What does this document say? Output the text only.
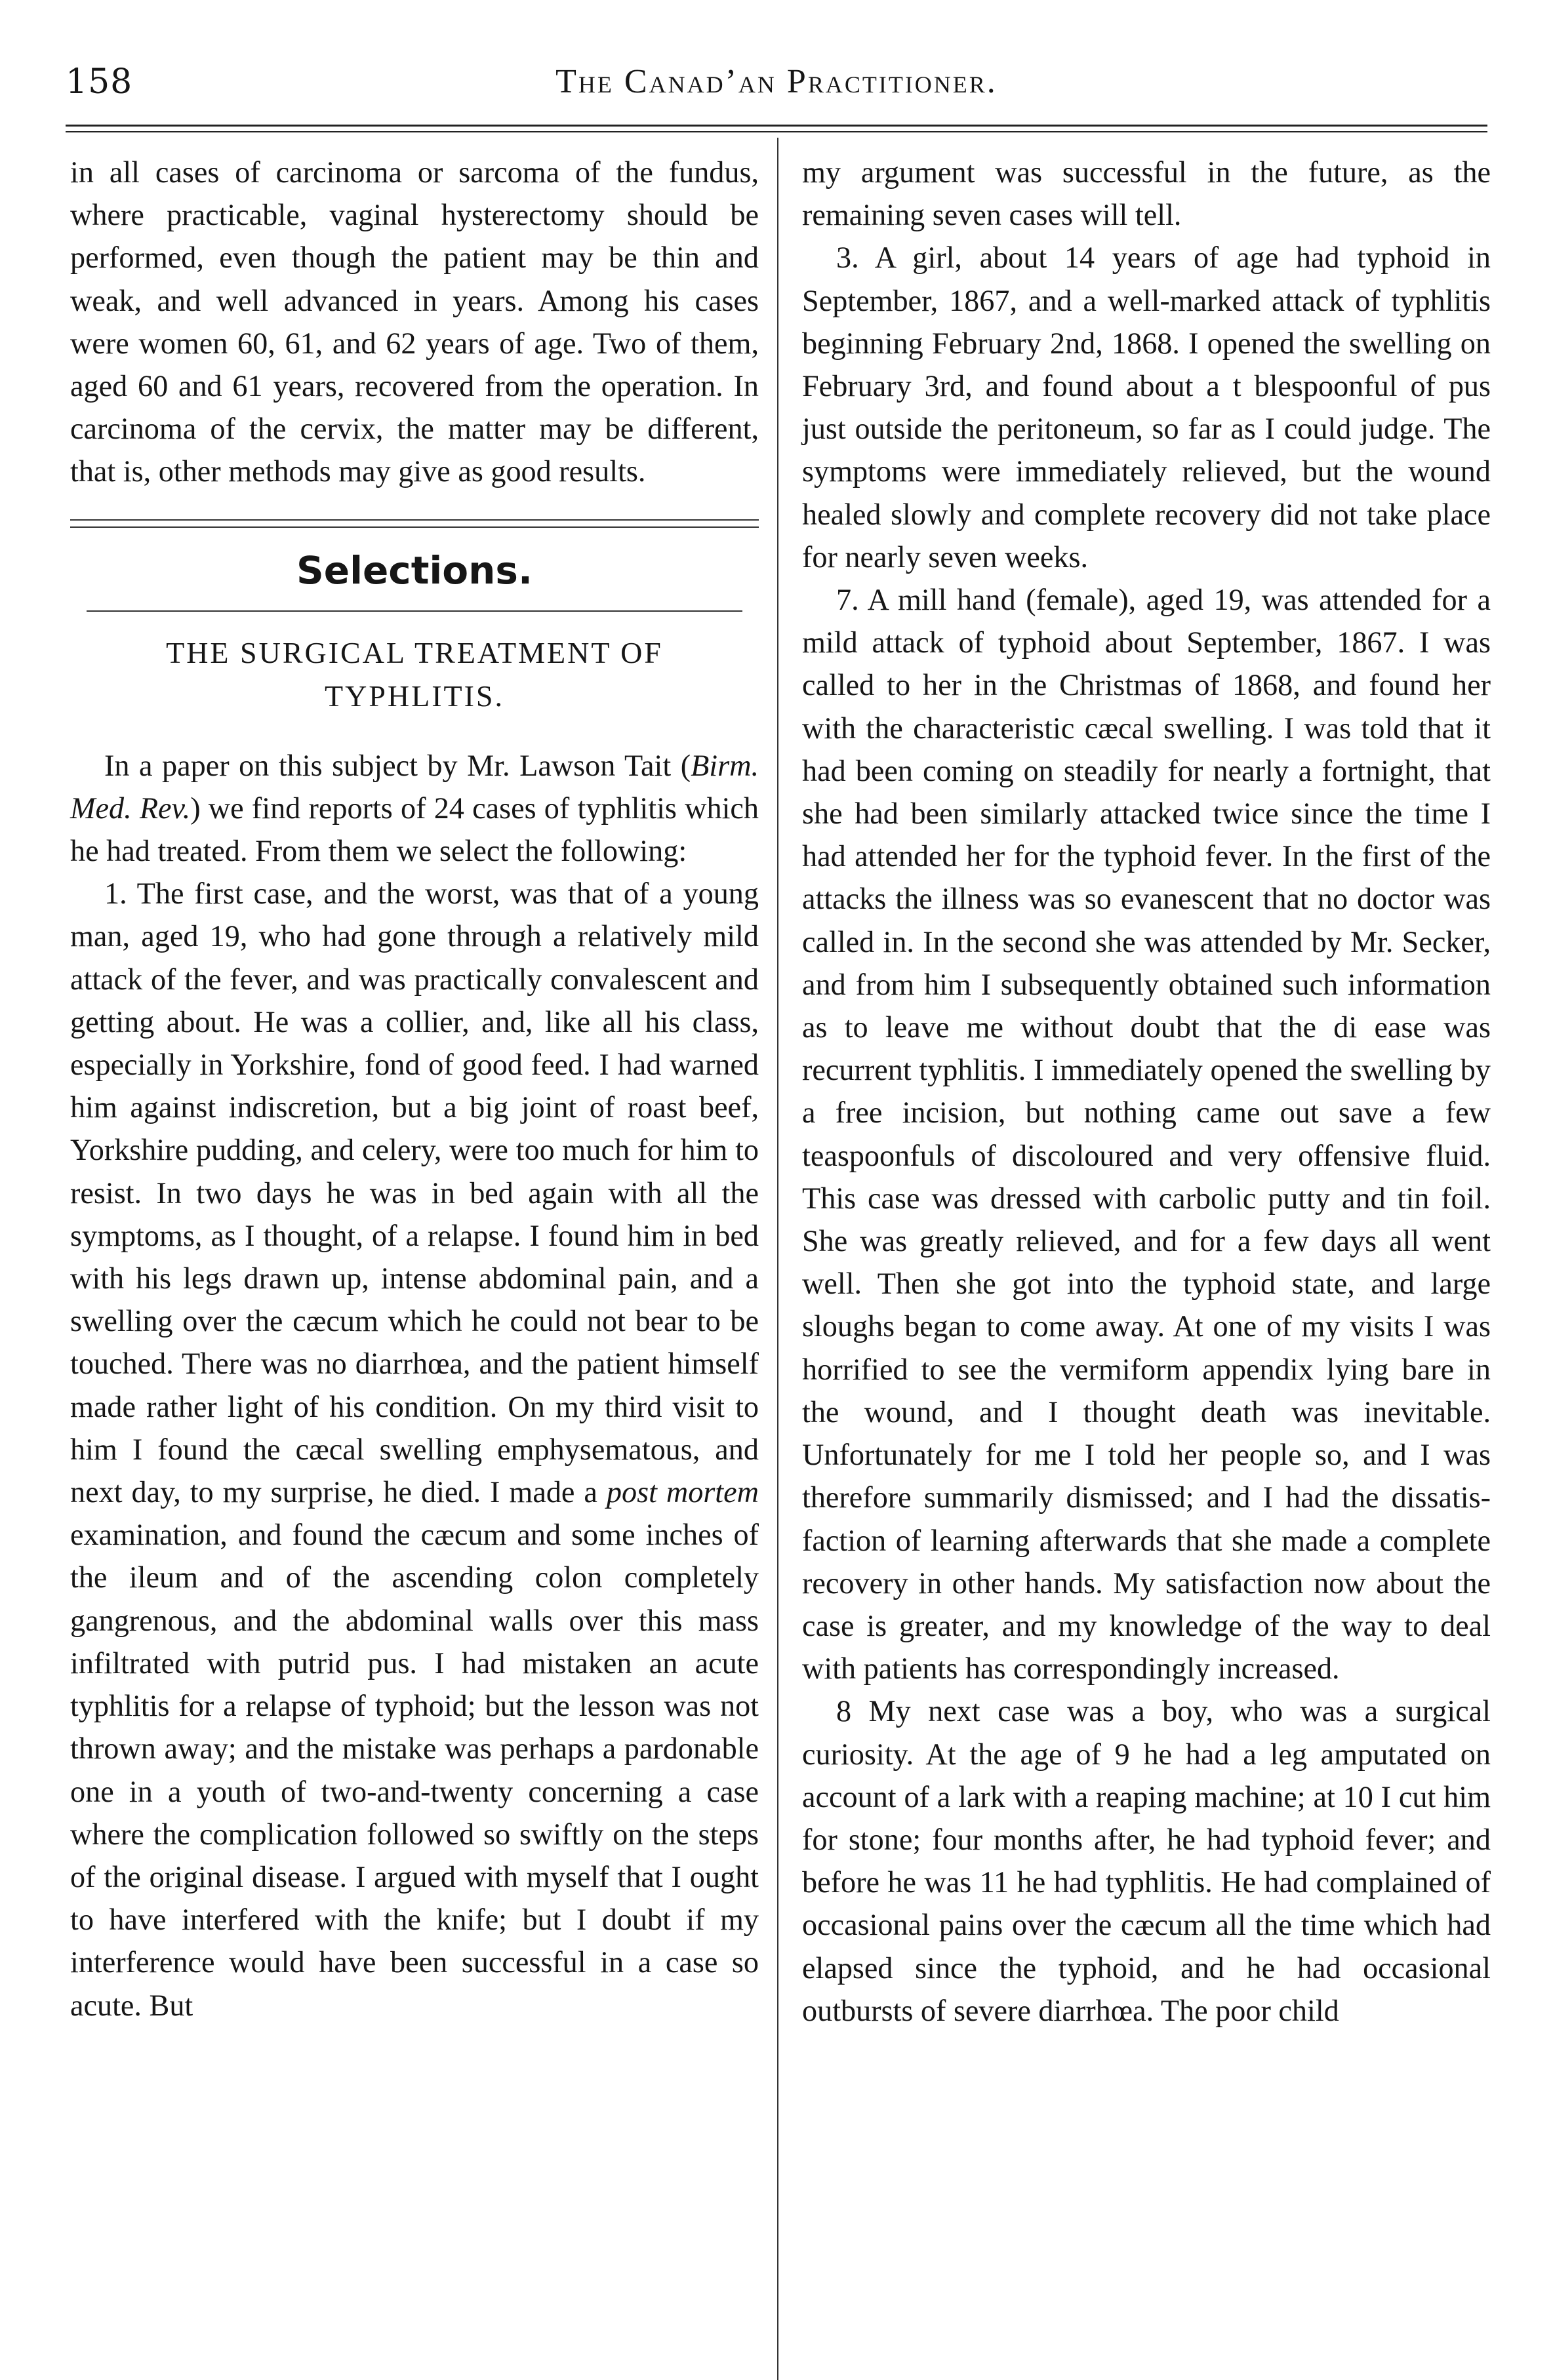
158	The Canad’an Practitioner.

in all cases of carcinoma or sarcoma of the fundus, where practicable, vaginal hysterectomy should be performed, even though the patient may be thin and weak, and well advanced in years. Among his cases were women 60, 61, and 62 years of age. Two of them, aged 60 and 61 years, recovered from the operation. In carcinoma of the cervix, the matter may be different, that is, other methods may give as good results.

Selections.
THE SURGICAL TREATMENT OF TYPHLITIS.

In a paper on this subject by Mr. Lawson Tait (Birm. Med. Rev.) we find reports of 24 cases of typhlitis which he had treated. From them we select the following:

1. The first case, and the worst, was that of a young man, aged 19, who had gone through a relatively mild attack of the fever, and was practically convalescent and getting about. He was a collier, and, like all his class, especially in Yorkshire, fond of good feed. I had warned him against indiscretion, but a big joint of roast beef, Yorkshire pudding, and celery, were too much for him to resist. In two days he was in bed again with all the symptoms, as I thought, of a relapse. I found him in bed with his legs drawn up, intense abdominal pain, and a swelling over the cæcum which he could not bear to be touched. There was no diarrhœa, and the patient himself made rather light of his condition. On my third visit to him I found the cæcal swelling emphysematous, and next day, to my surprise, he died. I made a post mortem examination, and found the cæcum and some inches of the ileum and of the ascending colon completely gangrenous, and the abdominal walls over this mass infiltrated with putrid pus. I had mistaken an acute typhlitis for a relapse of typhoid; but the lesson was not thrown away; and the mistake was perhaps a pardonable one in a youth of two-and-twenty concerning a case where the complication followed so swiftly on the steps of the original disease. I argued with myself that I ought to have interfered with the knife; but I doubt if my interference would have been successful in a case so acute. But

my argument was successful in the future, as the remaining seven cases will tell.

3. A girl, about 14 years of age had typhoid in September, 1867, and a well-marked attack of typhlitis beginning February 2nd, 1868. I opened the swelling on February 3rd, and found about a t blespoonful of pus just outside the peritoneum, so far as I could judge. The symptoms were immediately relieved, but the wound healed slowly and complete recovery did not take place for nearly seven weeks.

7. A mill hand (female), aged 19, was attended for a mild attack of typhoid about September, 1867. I was called to her in the Christmas of 1868, and found her with the characteristic cæcal swelling. I was told that it had been coming on steadily for nearly a fortnight, that she had been similarly attacked twice since the time I had attended her for the typhoid fever. In the first of the attacks the illness was so evanescent that no doctor was called in. In the second she was attended by Mr. Secker, and from him I subsequently obtained such information as to leave me without doubt that the di ease was recurrent typhlitis. I immediately opened the swelling by a free incision, but nothing came out save a few teaspoonfuls of discoloured and very offensive fluid. This case was dressed with carbolic putty and tin foil. She was greatly relieved, and for a few days all went well. Then she got into the typhoid state, and large sloughs began to come away. At one of my visits I was horrified to see the vermiform appendix lying bare in the wound, and I thought death was inevitable. Unfortunately for me I told her people so, and I was therefore summarily dismissed; and I had the dissatisfaction of learning afterwards that she made a complete recovery in other hands. My satisfaction now about the case is greater, and my knowledge of the way to deal with patients has correspondingly increased.

8 My next case was a boy, who was a surgical curiosity. At the age of 9 he had a leg amputated on account of a lark with a reaping machine; at 10 I cut him for stone; four months after, he had typhoid fever; and before he was 11 he had typhlitis. He had complained of occasional pains over the cæcum all the time which had elapsed since the typhoid, and he had occasional outbursts of severe diarrhœa. The poor child
